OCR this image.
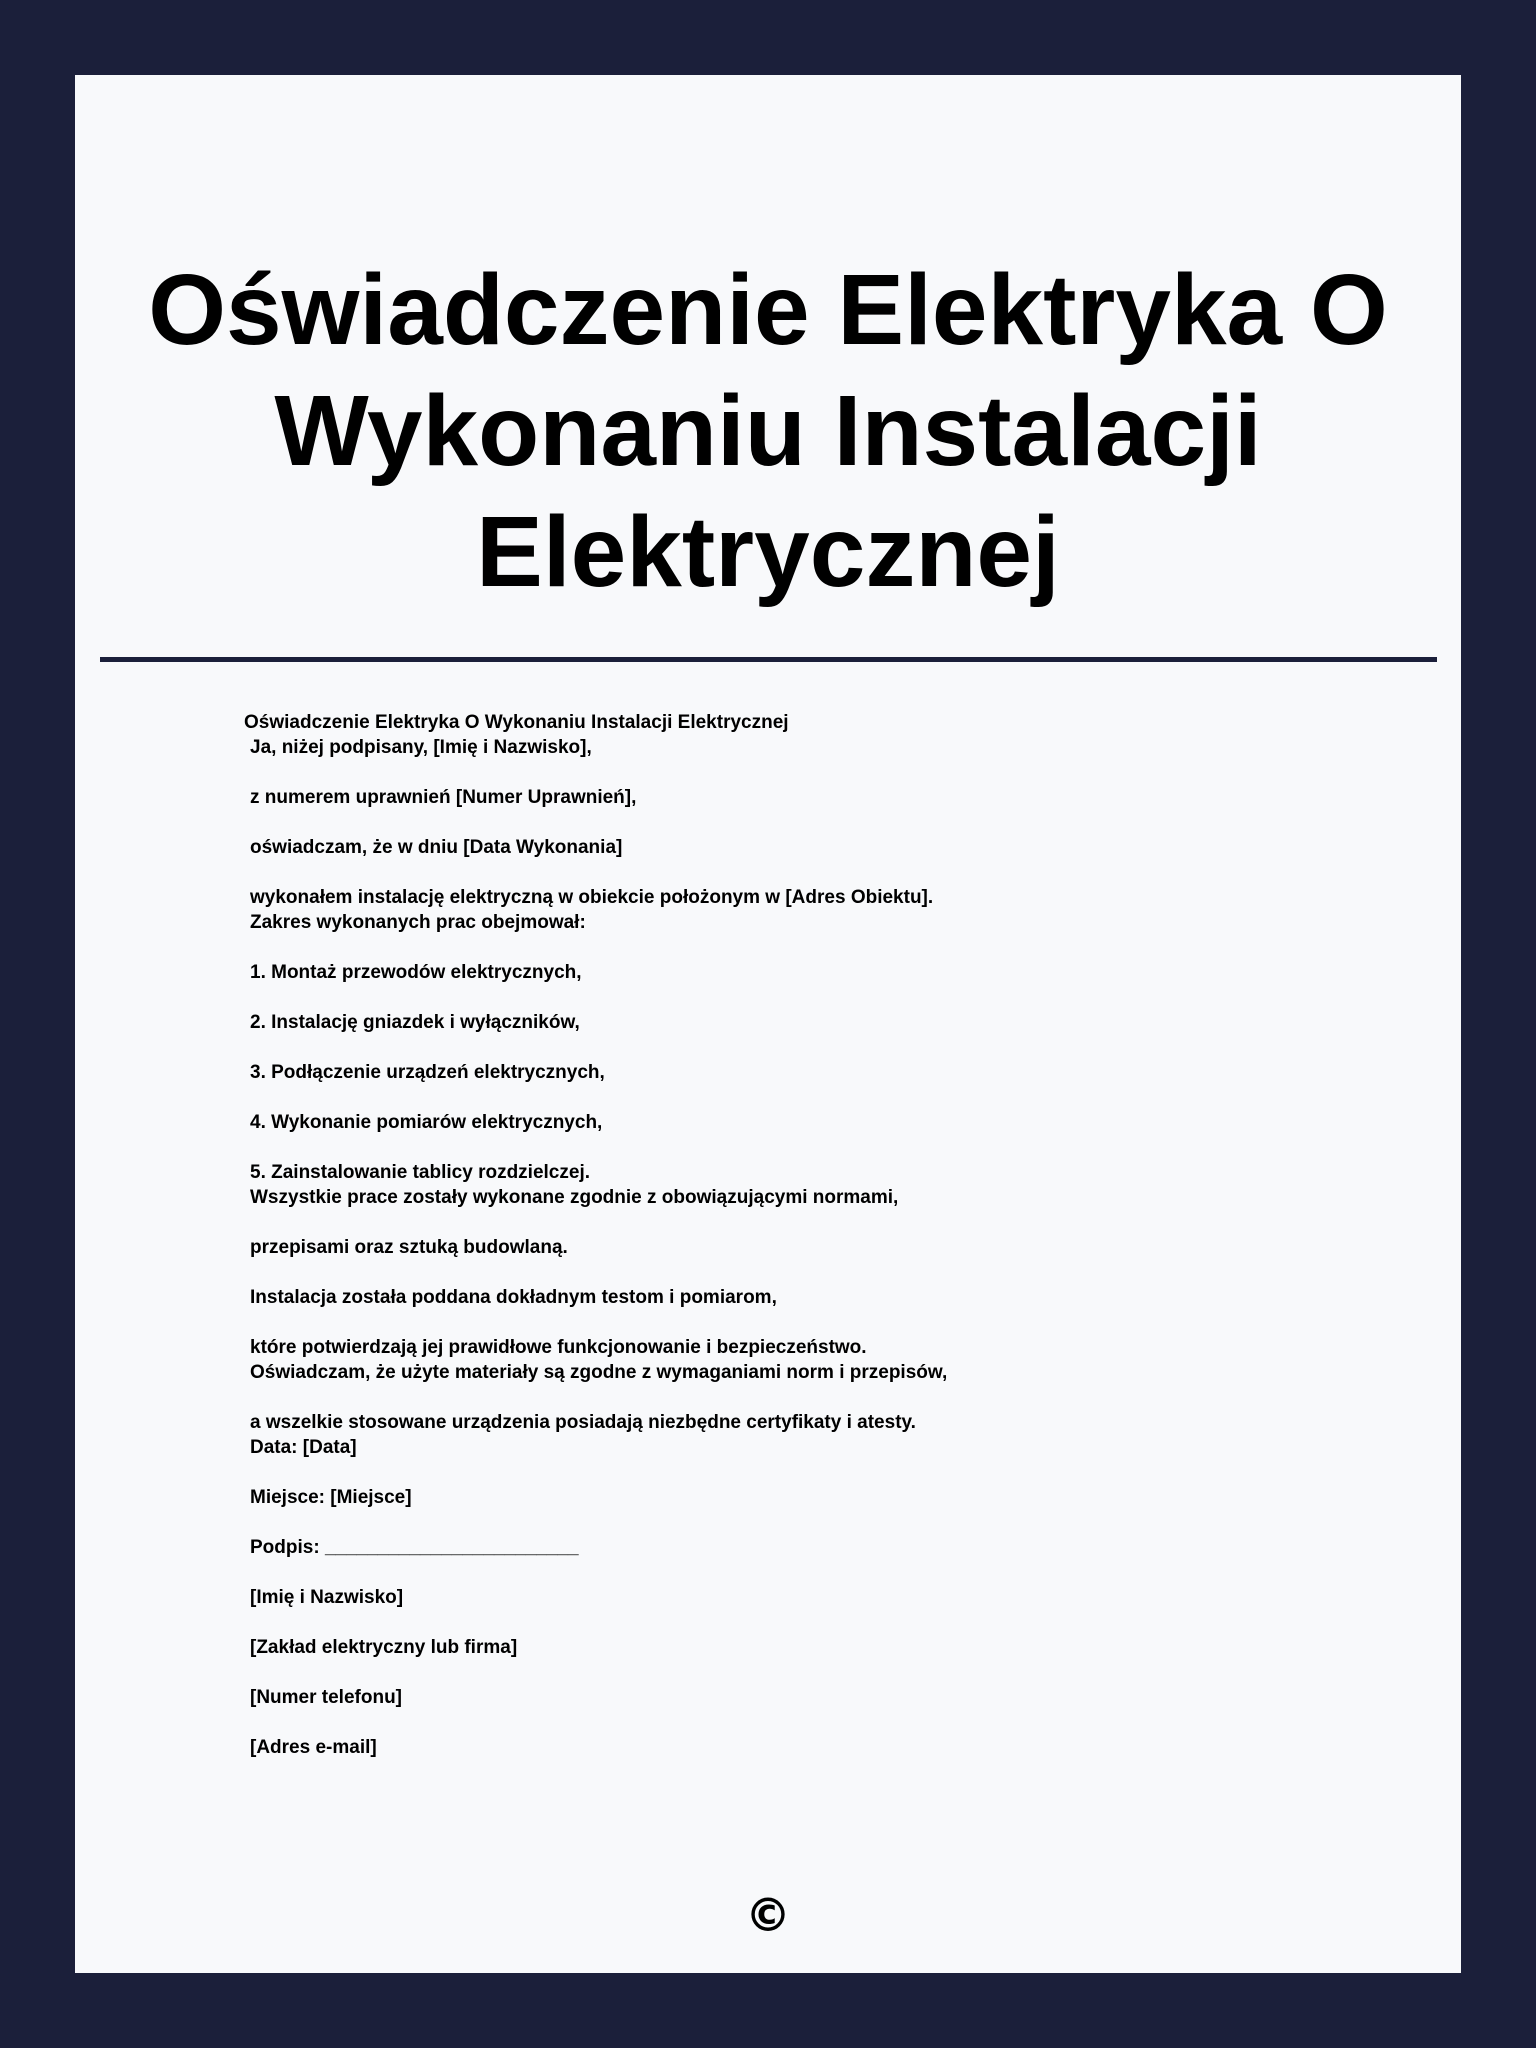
Oświadczenie Elektryka O Wykonaniu Instalacji Elektrycznej
Oświadczenie Elektryka O Wykonaniu Instalacji Elektrycznej
Ja, niżej podpisany, [Imię i Nazwisko],
z numerem uprawnień [Numer Uprawnień],
oświadczam, że w dniu [Data Wykonania]
wykonałem instalację elektryczną w obiekcie położonym w [Adres Obiektu].
Zakres wykonanych prac obejmował:
1. Montaż przewodów elektrycznych,
2. Instalację gniazdek i wyłączników,
3. Podłączenie urządzeń elektrycznych,
4. Wykonanie pomiarów elektrycznych,
5. Zainstalowanie tablicy rozdzielczej.
Wszystkie prace zostały wykonane zgodnie z obowiązującymi normami,
przepisami oraz sztuką budowlaną.
Instalacja została poddana dokładnym testom i pomiarom,
które potwierdzają jej prawidłowe funkcjonowanie i bezpieczeństwo.
Oświadczam, że użyte materiały są zgodne z wymaganiami norm i przepisów,
a wszelkie stosowane urządzenia posiadają niezbędne certyfikaty i atesty.
Data: [Data]
Miejsce: [Miejsce]
Podpis: ________________________
[Imię i Nazwisko]
[Zakład elektryczny lub firma]
[Numer telefonu]
[Adres e-mail]
©
